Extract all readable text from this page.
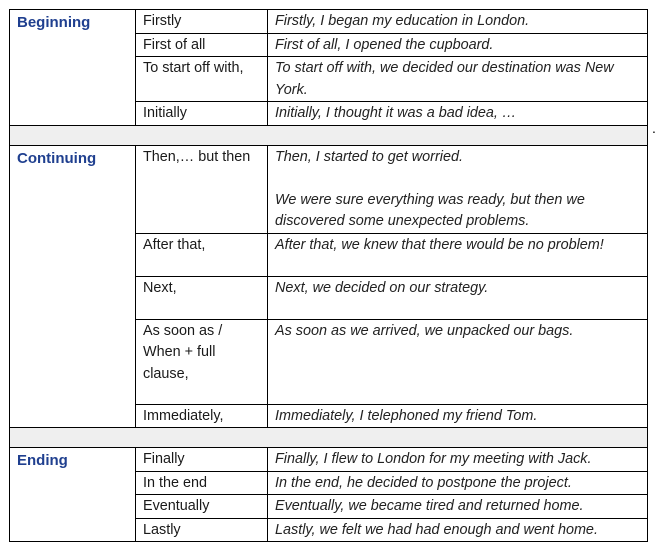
Beginning	Firstly	Firstly, I began my education in London.
	First of all	First of all, I opened the cupboard.
	To start off with,	To start off with, we decided our destination was New York.
	Initially	Initially, I thought it was a bad idea, …

Continuing	Then,… but then	Then, I started to get worried.
We were sure everything was ready, but then we discovered some unexpected problems.
	After that,	After that, we knew that there would be no problem!
	Next,	Next, we decided on our strategy.
	As soon as / When + full clause,	As soon as we arrived, we unpacked our bags.
	Immediately,	Immediately, I telephoned my friend Tom.

Ending	Finally	Finally, I flew to London for my meeting with Jack.
	In the end	In the end, he decided to postpone the project.
	Eventually	Eventually, we became tired and returned home.
	Lastly	Lastly, we felt we had had enough and went home.
.
